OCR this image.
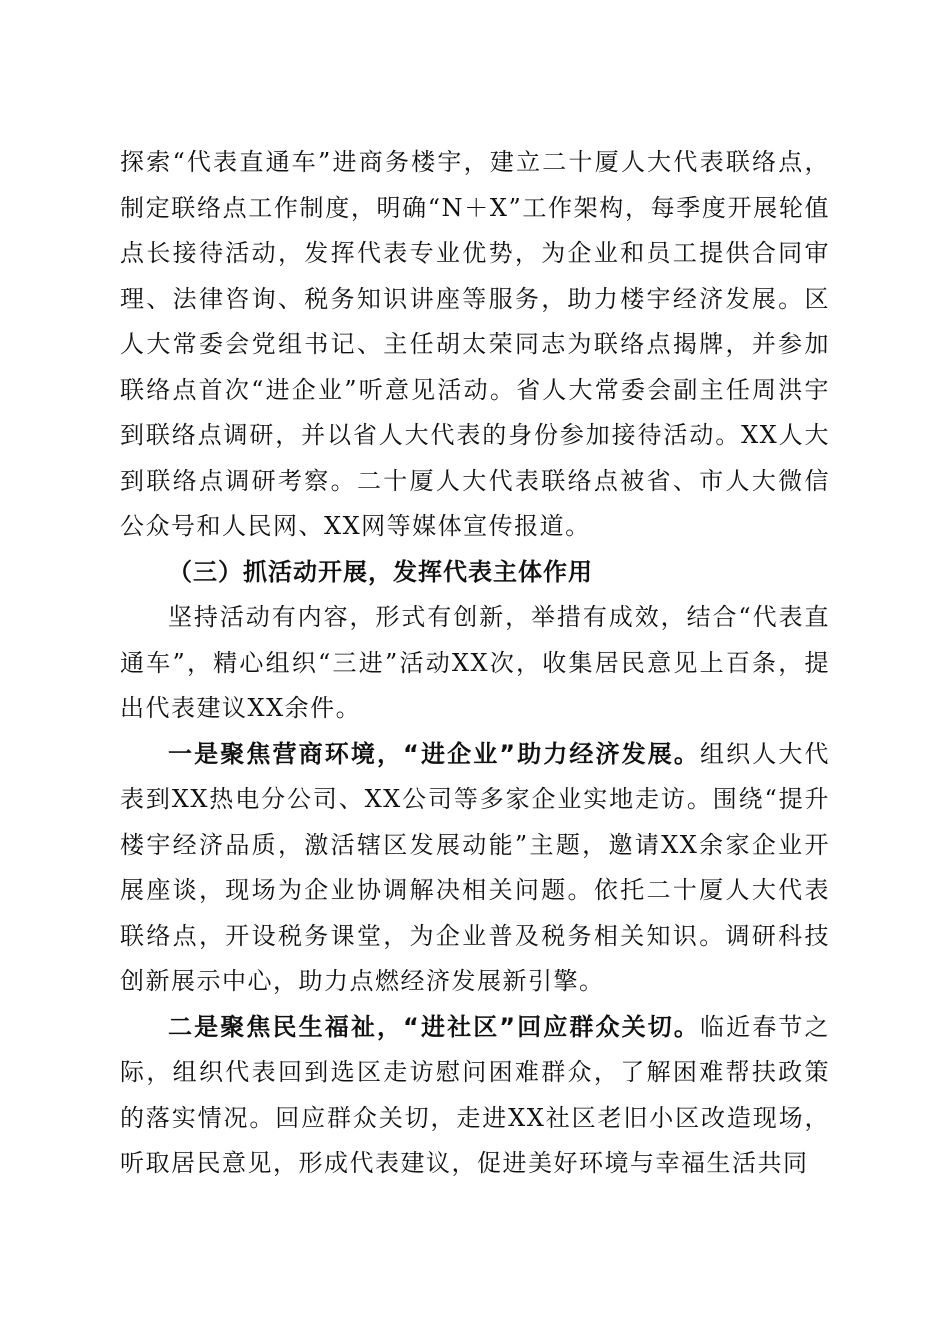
探索“代表直通车”进商务楼宇，建立二十厦人大代表联络点，制定联络点工作制度，明确“N＋X”工作架构，每季度开展轮值点长接待活动，发挥代表专业优势，为企业和员工提供合同审理、法律咨询、税务知识讲座等服务，助力楼宇经济发展。区人大常委会党组书记、主任胡太荣同志为联络点揭牌，并参加联络点首次“进企业”听意见活动。省人大常委会副主任周洪宇到联络点调研，并以省人大代表的身份参加接待活动。XX人大到联络点调研考察。二十厦人大代表联络点被省、市人大微信公众号和人民网、XX网等媒体宣传报道。

（三）抓活动开展，发挥代表主体作用

坚持活动有内容，形式有创新，举措有成效，结合“代表直通车”，精心组织“三进”活动XX次，收集居民意见上百条，提出代表建议XX余件。

一是聚焦营商环境，“进企业”助力经济发展。组织人大代表到XX热电分公司、XX公司等多家企业实地走访。围绕“提升楼宇经济品质，激活辖区发展动能”主题，邀请XX余家企业开展座谈，现场为企业协调解决相关问题。依托二十厦人大代表联络点，开设税务课堂，为企业普及税务相关知识。调研科技创新展示中心，助力点燃经济发展新引擎。

二是聚焦民生福祉，“进社区”回应群众关切。临近春节之际，组织代表回到选区走访慰问困难群众，了解困难帮扶政策的落实情况。回应群众关切，走进XX社区老旧小区改造现场，听取居民意见，形成代表建议，促进美好环境与幸福生活共同
